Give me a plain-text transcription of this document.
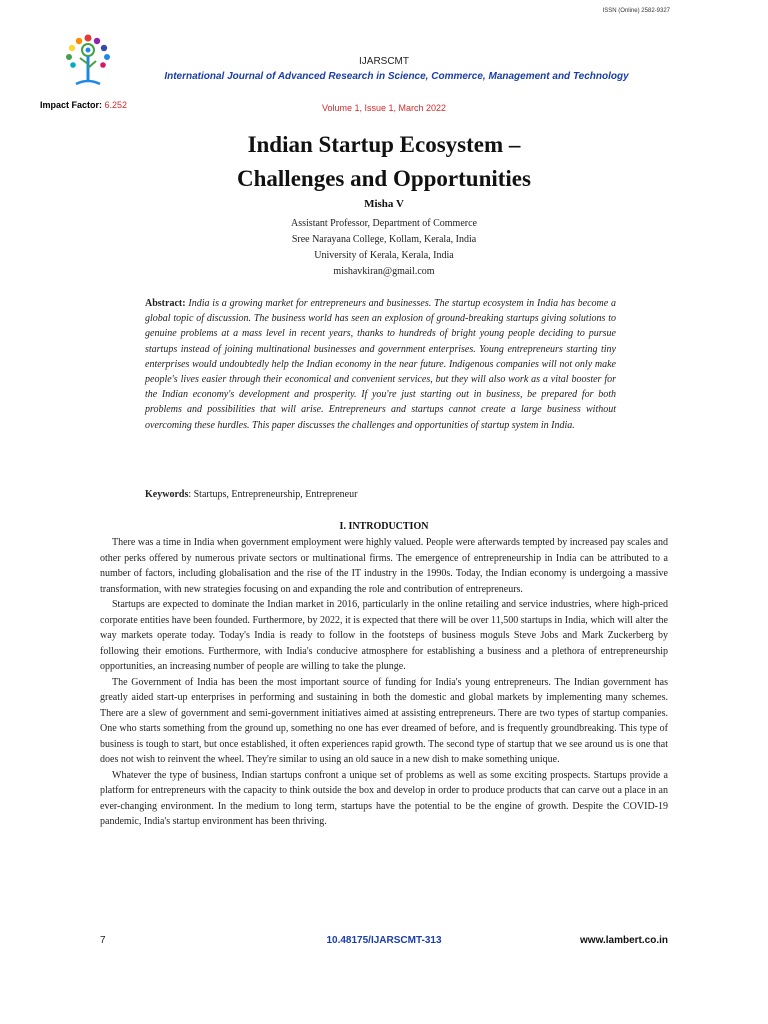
ISSN (Online) 2582-9327
Impact Factor: 6.252
IJARSCMT
International Journal of Advanced Research in Science, Commerce, Management and Technology
Volume 1, Issue 1, March 2022
Indian Startup Ecosystem –
Challenges and Opportunities
Misha V
Assistant Professor, Department of Commerce
Sree Narayana College, Kollam, Kerala, India
University of Kerala, Kerala, India
mishavkiran@gmail.com

Abstract: India is a growing market for entrepreneurs and businesses. The startup ecosystem in India has become a global topic of discussion. The business world has seen an explosion of ground-breaking startups giving solutions to genuine problems at a mass level in recent years, thanks to hundreds of bright young people deciding to pursue startups instead of joining multinational businesses and government enterprises. Young entrepreneurs starting tiny enterprises would undoubtedly help the Indian economy in the near future. Indigenous companies will not only make people's lives easier through their economical and convenient services, but they will also work as a vital booster for the Indian economy's development and prosperity. If you're just starting out in business, be prepared for both problems and possibilities that will arise. Entrepreneurs and startups cannot create a large business without overcoming these hurdles. This paper discusses the challenges and opportunities of startup system in India.

Keywords: Startups, Entrepreneurship, Entrepreneur
I. INTRODUCTION

There was a time in India when government employment were highly valued. People were afterwards tempted by increased pay scales and other perks offered by numerous private sectors or multinational firms. The emergence of entrepreneurship in India can be attributed to a number of factors, including globalisation and the rise of the IT industry in the 1990s. Today, the Indian economy is undergoing a massive transformation, with new strategies focusing on and expanding the role and contribution of entrepreneurs.

Startups are expected to dominate the Indian market in 2016, particularly in the online retailing and service industries, where high-priced corporate entities have been founded. Furthermore, by 2022, it is expected that there will be over 11,500 startups in India, which will alter the way markets operate today. Today's India is ready to follow in the footsteps of business moguls Steve Jobs and Mark Zuckerberg by following their emotions. Furthermore, with India's conducive atmosphere for establishing a business and a plethora of entrepreneurship opportunities, an increasing number of people are willing to take the plunge.

The Government of India has been the most important source of funding for India's young entrepreneurs. The Indian government has greatly aided start-up enterprises in performing and sustaining in both the domestic and global markets by implementing many schemes. There are a slew of government and semi-government initiatives aimed at assisting entrepreneurs. There are two types of startup companies. One who starts something from the ground up, something no one has ever dreamed of before, and is frequently groundbreaking. This type of business is tough to start, but once established, it often experiences rapid growth. The second type of startup that we see around us is one that does not wish to reinvent the wheel. They're similar to using an old sauce in a new dish to make something unique.

Whatever the type of business, Indian startups confront a unique set of problems as well as some exciting prospects. Startups provide a platform for entrepreneurs with the capacity to think outside the box and develop in order to produce products that can carve out a place in an ever-changing environment. In the medium to long term, startups have the potential to be the engine of growth. Despite the COVID-19 pandemic, India's startup environment has been thriving.

7	10.48175/IJARSCMT-313	www.lambert.co.in
